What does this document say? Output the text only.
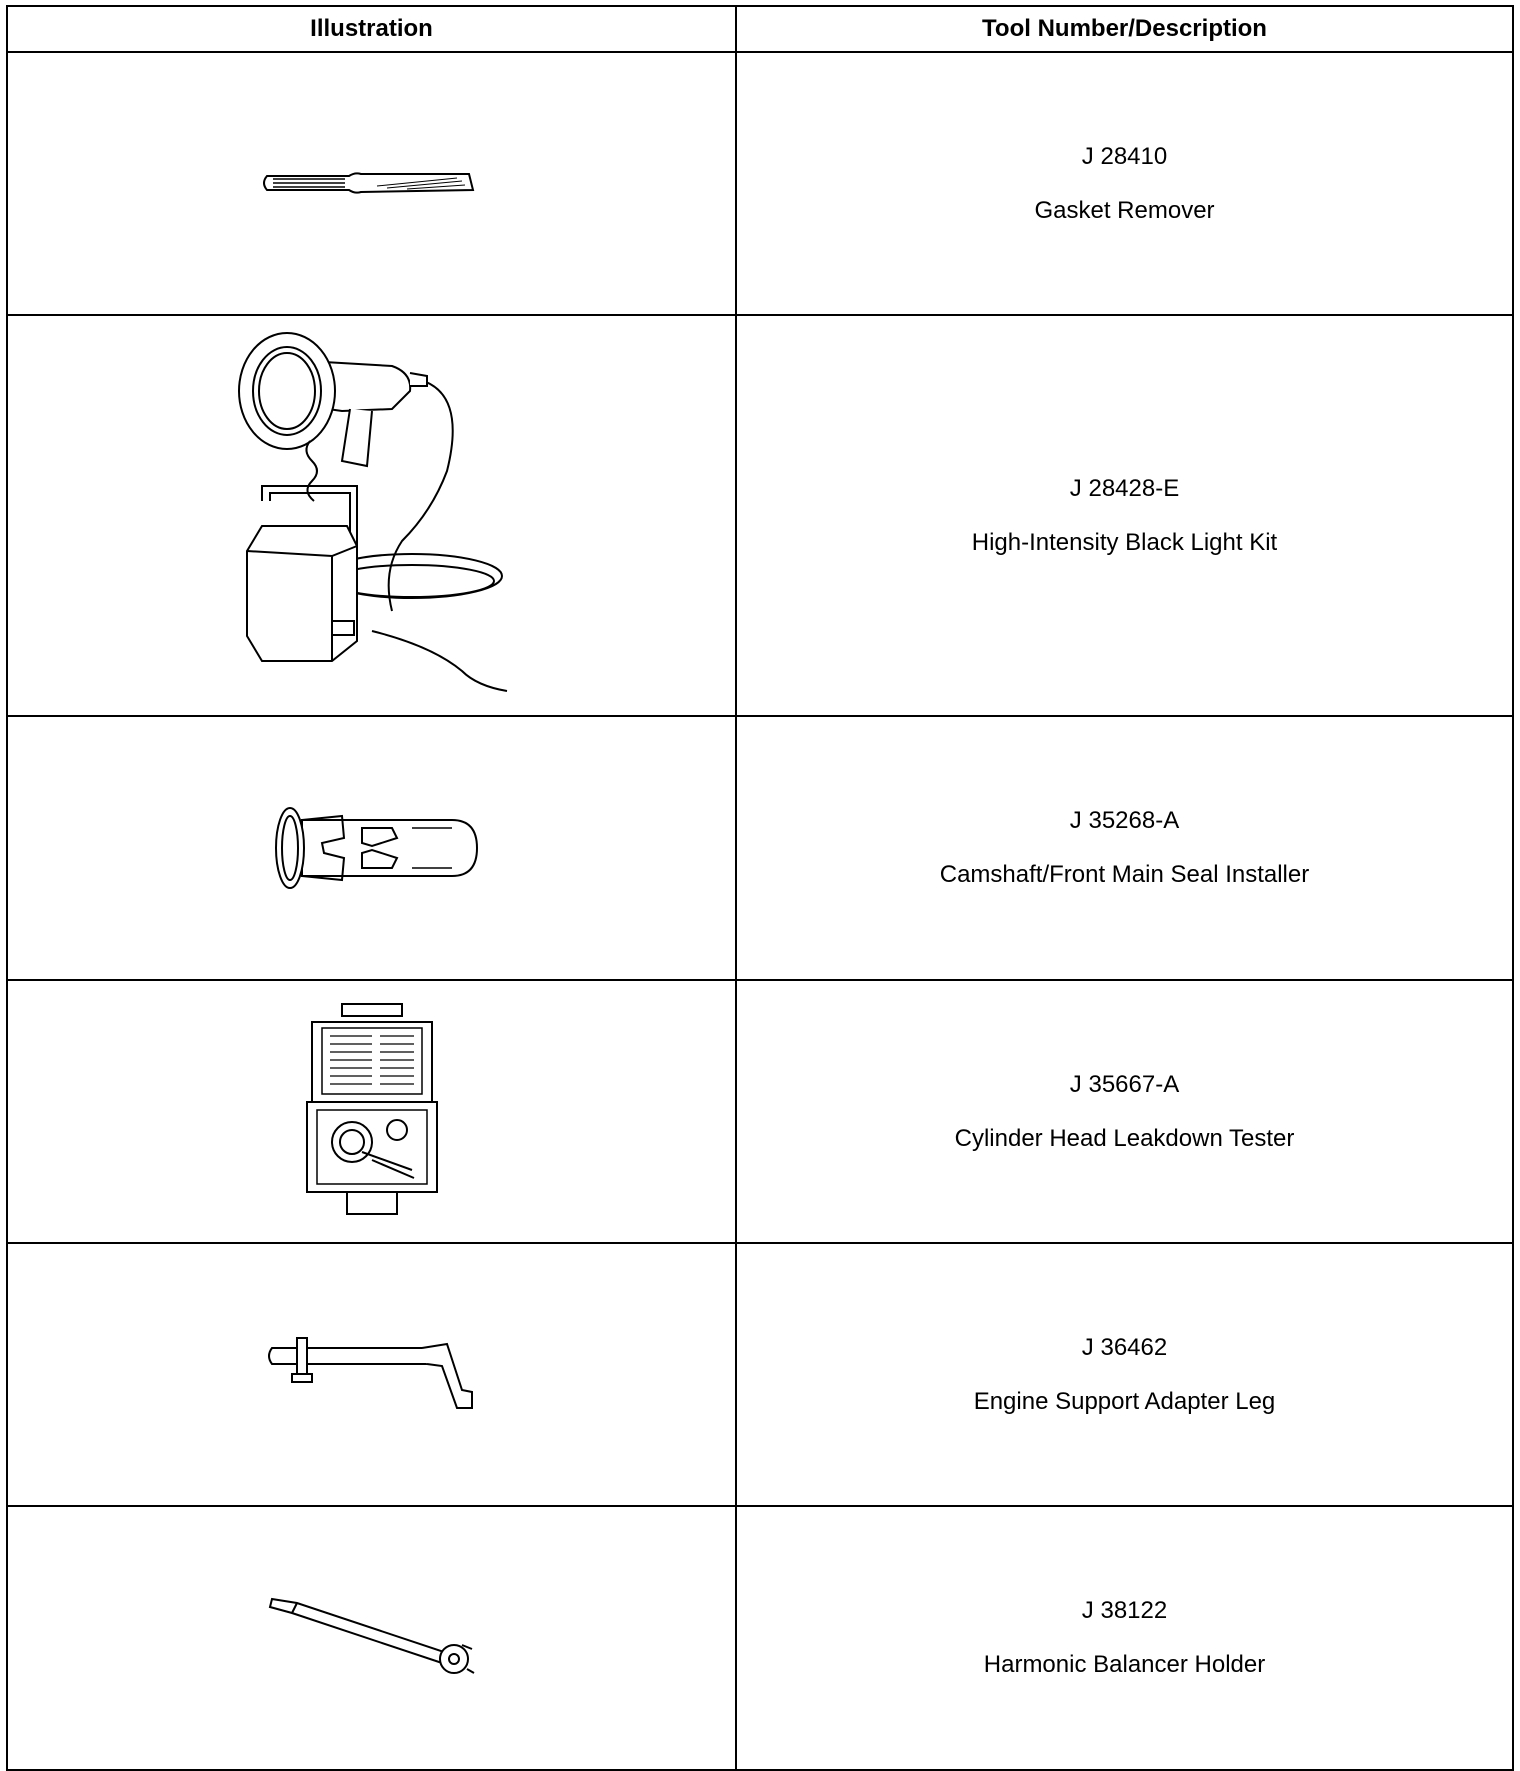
Illustration	Tool Number/Description

J 28410
Gasket Remover

J 28428-E
High-Intensity Black Light Kit

J 35268-A
Camshaft/Front Main Seal Installer

J 35667-A
Cylinder Head Leakdown Tester

J 36462
Engine Support Adapter Leg

J 38122
Harmonic Balancer Holder
